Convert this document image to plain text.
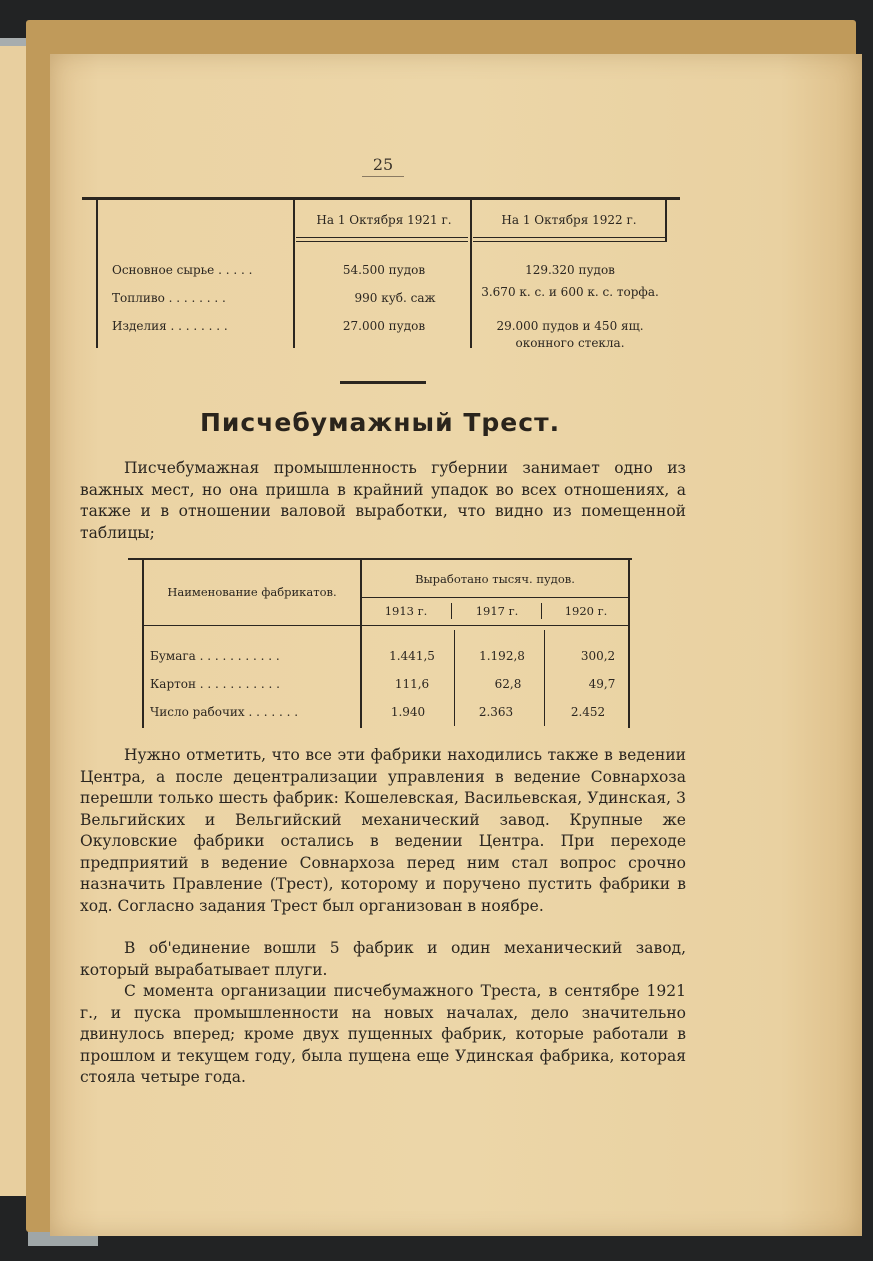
25
На 1 Октября 1921 г.	На 1 Октября 1922 г.
Основное сырье . . . . .	54.500 пудов	129.320 пудов
Топливо . . . . . . . .	990 куб. саж	3.670 к. с. и 600 к. с. торфа.
Изделия . . . . . . . .	27.000 пудов	29.000 пудов и 450 ящ. оконного стекла.
Писчебумажный Трест.
Писчебумажная промышленность губернии занимает одно из важных мест, но она пришла в крайний упадок во всех отношениях, а также и в отношении валовой выработки, что видно из помещенной таблицы;
Наименование фабрикатов.
Выработано тысяч. пудов.
1913 г.	1917 г.	1920 г.
Бумага . . . . . . . . . . .	1.441,5	1.192,8	300,2
Картон . . . . . . . . . . .	111,6	62,8	49,7
Число рабочих . . . . . . .	1.940	2.363	2.452
Нужно отметить, что все эти фабрики находились также в ведении Центра, а после децентрализации управления в ведение Совнархоза перешли только шесть фабрик: Кошелевская, Васильевская, Удинская, 3 Вельгийских и Вельгийский механический завод. Крупные же Окуловские фабрики остались в ведении Центра. При переходе предприятий в ведение Совнархоза перед ним стал вопрос срочно назначить Правление (Трест), которому и поручено пустить фабрики в ход. Согласно задания Трест был организован в ноябре.
В об'единение вошли 5 фабрик и один механический завод, который вырабатывает плуги.
С момента организации писчебумажного Треста, в сентябре 1921 г., и пуска промышленности на новых началах, дело значительно двинулось вперед; кроме двух пущенных фабрик, которые работали в прошлом и текущем году, была пущена еще Удинская фабрика, которая стояла четыре года.
